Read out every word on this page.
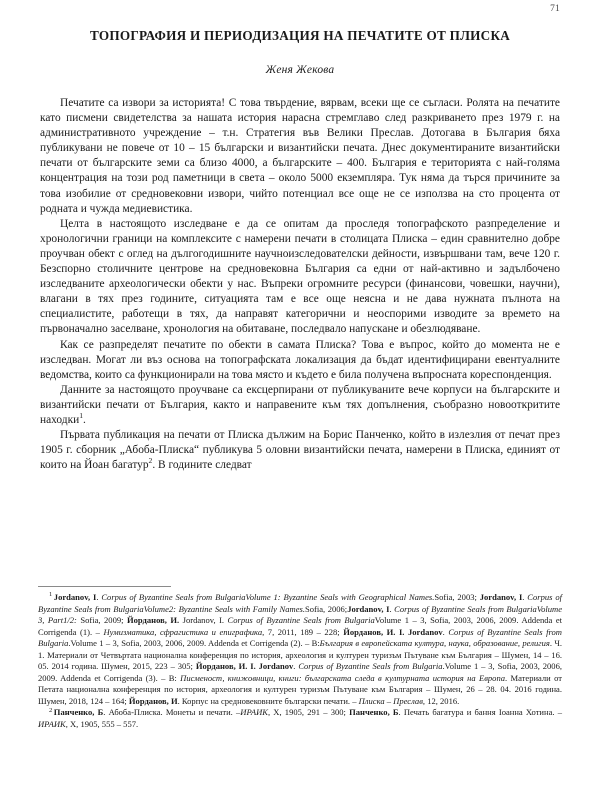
71
ТОПОГРАФИЯ И ПЕРИОДИЗАЦИЯ НА ПЕЧАТИТЕ ОТ ПЛИСКА
Женя Жекова

Печатите са извори за историята! С това твърдение, вярвам, всеки ще се съгласи. Ролята на печатите като писмени свидетелства за нашата история нарасна стремглаво след разкриването през 1979 г. на административното учреждение – т.н. Стратегия във Велики Преслав. Дотогава в България бяха публикувани не повече от 10 – 15 български и византийски печата. Днес документираните византийски печати от българските земи са близо 4000, а българските – 400. България е територията с най-голяма концентрация на този род паметници в света – около 5000 екземпляра. Тук няма да търся причините за това изобилие от средновековни извори, чийто потенциал все още не се използва на сто процента от родната и чужда медиевистика.

Целта в настоящото изследване е да се опитам да проследя топографското разпределение и хронологични граници на комплексите с намерени печати в столицата Плиска – един сравнително добре проучван обект с оглед на дългогодишните научноизследователски дейности, извършвани там, вече 120 г. Безспорно столичните центрове на средновековна България са едни от най-активно и задълбочено изследваните археологически обекти у нас. Въпреки огромните ресурси (финансови, човешки, научни), влагани в тях през годините, ситуацията там е все още неясна и не дава нужната пълнота на специалистите, работещи в тях, да направят категорични и неоспорими изводите за времето на първоначално заселване, хронология на обитаване, последвало напускане и обезлюдяване.

Как се разпределят печатите по обекти в самата Плиска? Това е въпрос, който до момента не е изследван. Могат ли въз основа на топографската локализация да бъдат идентифицирани евентуалните ведомства, които са функционирали на това място и където е била получена въпросната кореспонденция.

Данните за настоящото проучване са ексцерпирани от публикуваните вече корпуси на българските и византийски печати от България, както и направените към тях допълнения, съобразно новооткритите находки$^1$.

Първата публикация на печати от Плиска дължим на Борис Панченко, който в излезлия от печат през 1905 г. сборник „Абоба-Плиска“ публикува 5 оловни византийски печата, намерени в Плиска, единият от които на Йоан багатур$^2$. В годините следват

$^1$ Jordanov, I. Corpus of Byzantine Seals from BulgariaVolume 1: Byzantine Seals with Geographical Names.Sofia, 2003; Jordanov, I. Corpus of Byzantine Seals from BulgariaVolume2: Byzantine Seals with Family Names.Sofia, 2006;Jordanov, I. Corpus of Byzantine Seals from BulgariaVolume 3, Part1/2: Sofia, 2009; Йорданов, И. Jordanov, I. Corpus of Byzantine Seals from BulgariaVolume 1 – 3, Sofia, 2003, 2006, 2009. Addenda et Corrigenda (1). – Нумизматика, сфрагистика и епиграфика, 7, 2011, 189 – 228; Йорданов, И. I. Jordanov. Corpus of Byzantine Seals from Bulgaria.Volume 1 – 3, Sofia, 2003, 2006, 2009. Addenda et Corrigenda (2). – В:България в европейската култура, наука, образование, религия. Ч. 1. Материали от Четвъртата национална конференция по история, археология и културен туризъм Пътуване към България – Шумен, 14 – 16. 05. 2014 година. Шумен, 2015, 223 – 305; Йорданов, И. I. Jordanov. Corpus of Byzantine Seals from Bulgaria.Volume 1 – 3, Sofia, 2003, 2006, 2009. Addenda et Corrigenda (3). – В: Писменост, книжовници, книги: българската следа в културната история на Европа. Материали от Петата национална конференция по история, археология и културен туризъм Пътуване към България – Шумен, 26 – 28. 04. 2016 година. Шумен, 2018, 124 – 164; Йорданов, И. Корпус на средновековните български печати. – Плиска – Преслав, 12, 2016.

$^2$ Панченко, Б. Абоба-Плиска. Монеты и печати. –ИРАИК, X, 1905, 291 – 300; Панченко, Б. Печать багатура и бання Іоанна Хотина. – ИРАИК, X, 1905, 555 – 557.
